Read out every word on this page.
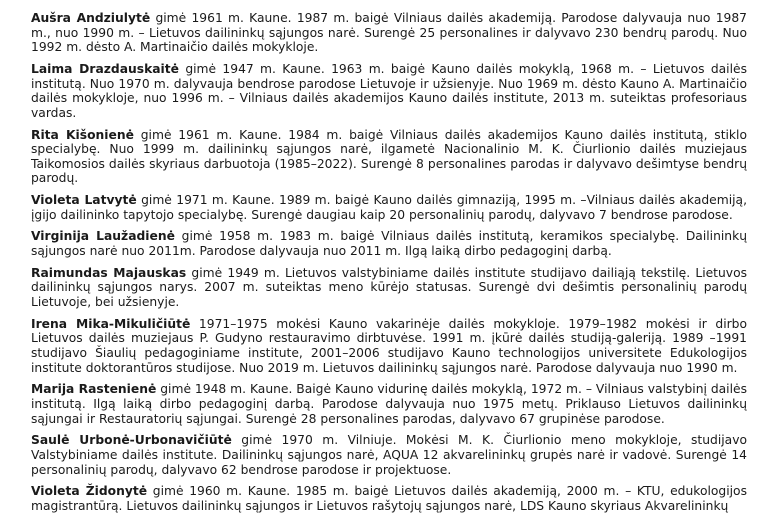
Aušra Andziulytė gimė 1961 m. Kaune. 1987 m. baigė Vilniaus dailės akademiją. Parodose dalyvauja nuo 1987 m., nuo 1990 m. – Lietuvos dailininkų sąjungos narė. Surengė 25 personalines ir dalyvavo 230 bendrų parodų. Nuo 1992 m. dėsto A. Martinaičio dailės mokykloje.

Laima Drazdauskaitė gimė 1947 m. Kaune. 1963 m. baigė Kauno dailės mokyklą, 1968 m. – Lietuvos dailės institutą. Nuo 1970 m. dalyvauja bendrose parodose Lietuvoje ir užsienyje. Nuo 1969 m. dėsto Kauno A. Martinaičio dailės mokykloje, nuo 1996 m. – Vilniaus dailės akademijos Kauno dailės institute, 2013 m. suteiktas profesoriaus vardas.

Rita Kišonienė gimė 1961 m. Kaune. 1984 m. baigė Vilniaus dailės akademijos Kauno dailės institutą, stiklo specialybę. Nuo 1999 m. dailininkų sąjungos narė, ilgametė Nacionalinio M. K. Čiurlionio dailės muziejaus Taikomosios dailės skyriaus darbuotoja (1985–2022). Surengė 8 personalines parodas ir dalyvavo dešimtyse bendrų parodų.

Violeta Latvytė gimė 1971 m. Kaune. 1989 m. baigė Kauno dailės gimnaziją, 1995 m. –Vilniaus dailės akademiją, įgijo dailininko tapytojo specialybę. Surengė daugiau kaip 20 personalinių parodų, dalyvavo 7 bendrose parodose.

Virginija Laužadienė gimė 1958 m. 1983 m. baigė Vilniaus dailės institutą, keramikos specialybę. Dailininkų sąjungos narė nuo 2011m. Parodose dalyvauja nuo 2011 m. Ilgą laiką dirbo pedagoginį darbą.

Raimundas Majauskas gimė 1949 m. Lietuvos valstybiniame dailės institute studijavo dailiąją tekstilę. Lietuvos dailininkų sąjungos narys. 2007 m. suteiktas meno kūrėjo statusas. Surengė dvi dešimtis personalinių parodų Lietuvoje, bei užsienyje.

Irena Mika-Mikuličiūtė 1971–1975 mokėsi Kauno vakarinėje dailės mokykloje. 1979–1982 mokėsi ir dirbo Lietuvos dailės muziejaus P. Gudyno restauravimo dirbtuvėse. 1991 m. įkūrė dailės studiją-galeriją. 1989 –1991 studijavo Šiaulių pedagoginiame institute, 2001–2006 studijavo Kauno technologijos universitete Edukologijos institute doktorantūros studijose. Nuo 2019 m. Lietuvos dailininkų sąjungos narė. Parodose dalyvauja nuo 1990 m.

Marija Rastenienė gimė 1948 m. Kaune. Baigė Kauno vidurinę dailės mokyklą, 1972 m. – Vilniaus valstybinį dailės institutą. Ilgą laiką dirbo pedagoginį darbą. Parodose dalyvauja nuo 1975 metų. Priklauso Lietuvos dailininkų sąjungai ir Restauratorių sąjungai. Surengė 28 personalines parodas, dalyvavo 67 grupinėse parodose.

Saulė Urbonė-Urbonavičiūtė gimė 1970 m. Vilniuje. Mokėsi M. K. Čiurlionio meno mokykloje, studijavo Valstybiniame dailės institute. Dailininkų sąjungos narė, AQUA 12 akvarelininkų grupės narė ir vadovė. Surengė 14 personalinių parodų, dalyvavo 62 bendrose parodose ir projektuose.

Violeta Židonytė gimė 1960 m. Kaune. 1985 m. baigė Lietuvos dailės akademiją, 2000 m. – KTU, edukologijos magistrantūrą. Lietuvos dailininkų sąjungos ir Lietuvos rašytojų sąjungos narė, LDS Kauno skyriaus Akvarelininkų
